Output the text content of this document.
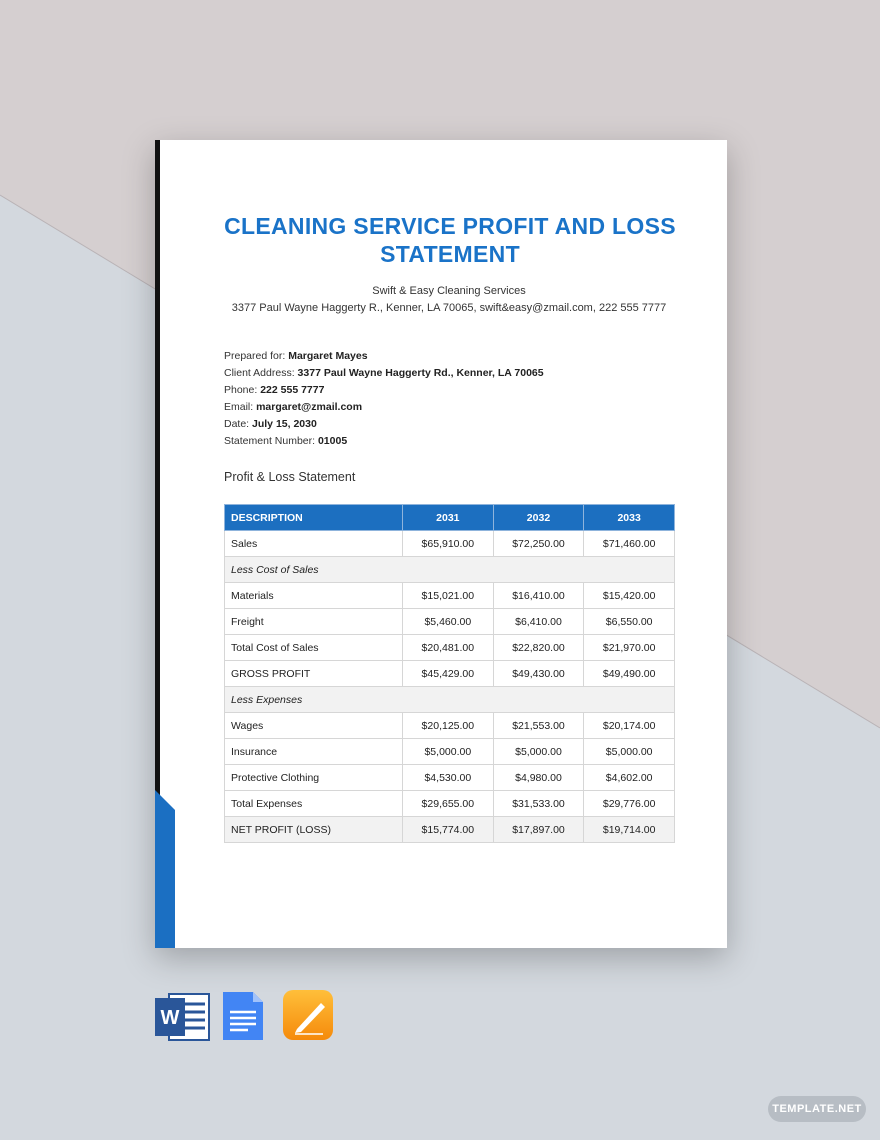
CLEANING SERVICE PROFIT AND LOSS STATEMENT
Swift & Easy Cleaning Services
3377 Paul Wayne Haggerty R., Kenner, LA 70065, swift&easy@zmail.com, 222 555 7777
Prepared for: Margaret Mayes
Client Address: 3377 Paul Wayne Haggerty Rd., Kenner, LA 70065
Phone: 222 555 7777
Email: margaret@zmail.com
Date: July 15, 2030
Statement Number: 01005
Profit & Loss Statement
DESCRIPTION	2031	2032	2033
Sales	$65,910.00	$72,250.00	$71,460.00
Less Cost of Sales			
Materials	$15,021.00	$16,410.00	$15,420.00
Freight	$5,460.00	$6,410.00	$6,550.00
Total Cost of Sales	$20,481.00	$22,820.00	$21,970.00
GROSS PROFIT	$45,429.00	$49,430.00	$49,490.00
Less Expenses			
Wages	$20,125.00	$21,553.00	$20,174.00
Insurance	$5,000.00	$5,000.00	$5,000.00
Protective Clothing	$4,530.00	$4,980.00	$4,602.00
Total Expenses	$29,655.00	$31,533.00	$29,776.00
NET PROFIT (LOSS)	$15,774.00	$17,897.00	$19,714.00
W
TEMPLATE.NET
